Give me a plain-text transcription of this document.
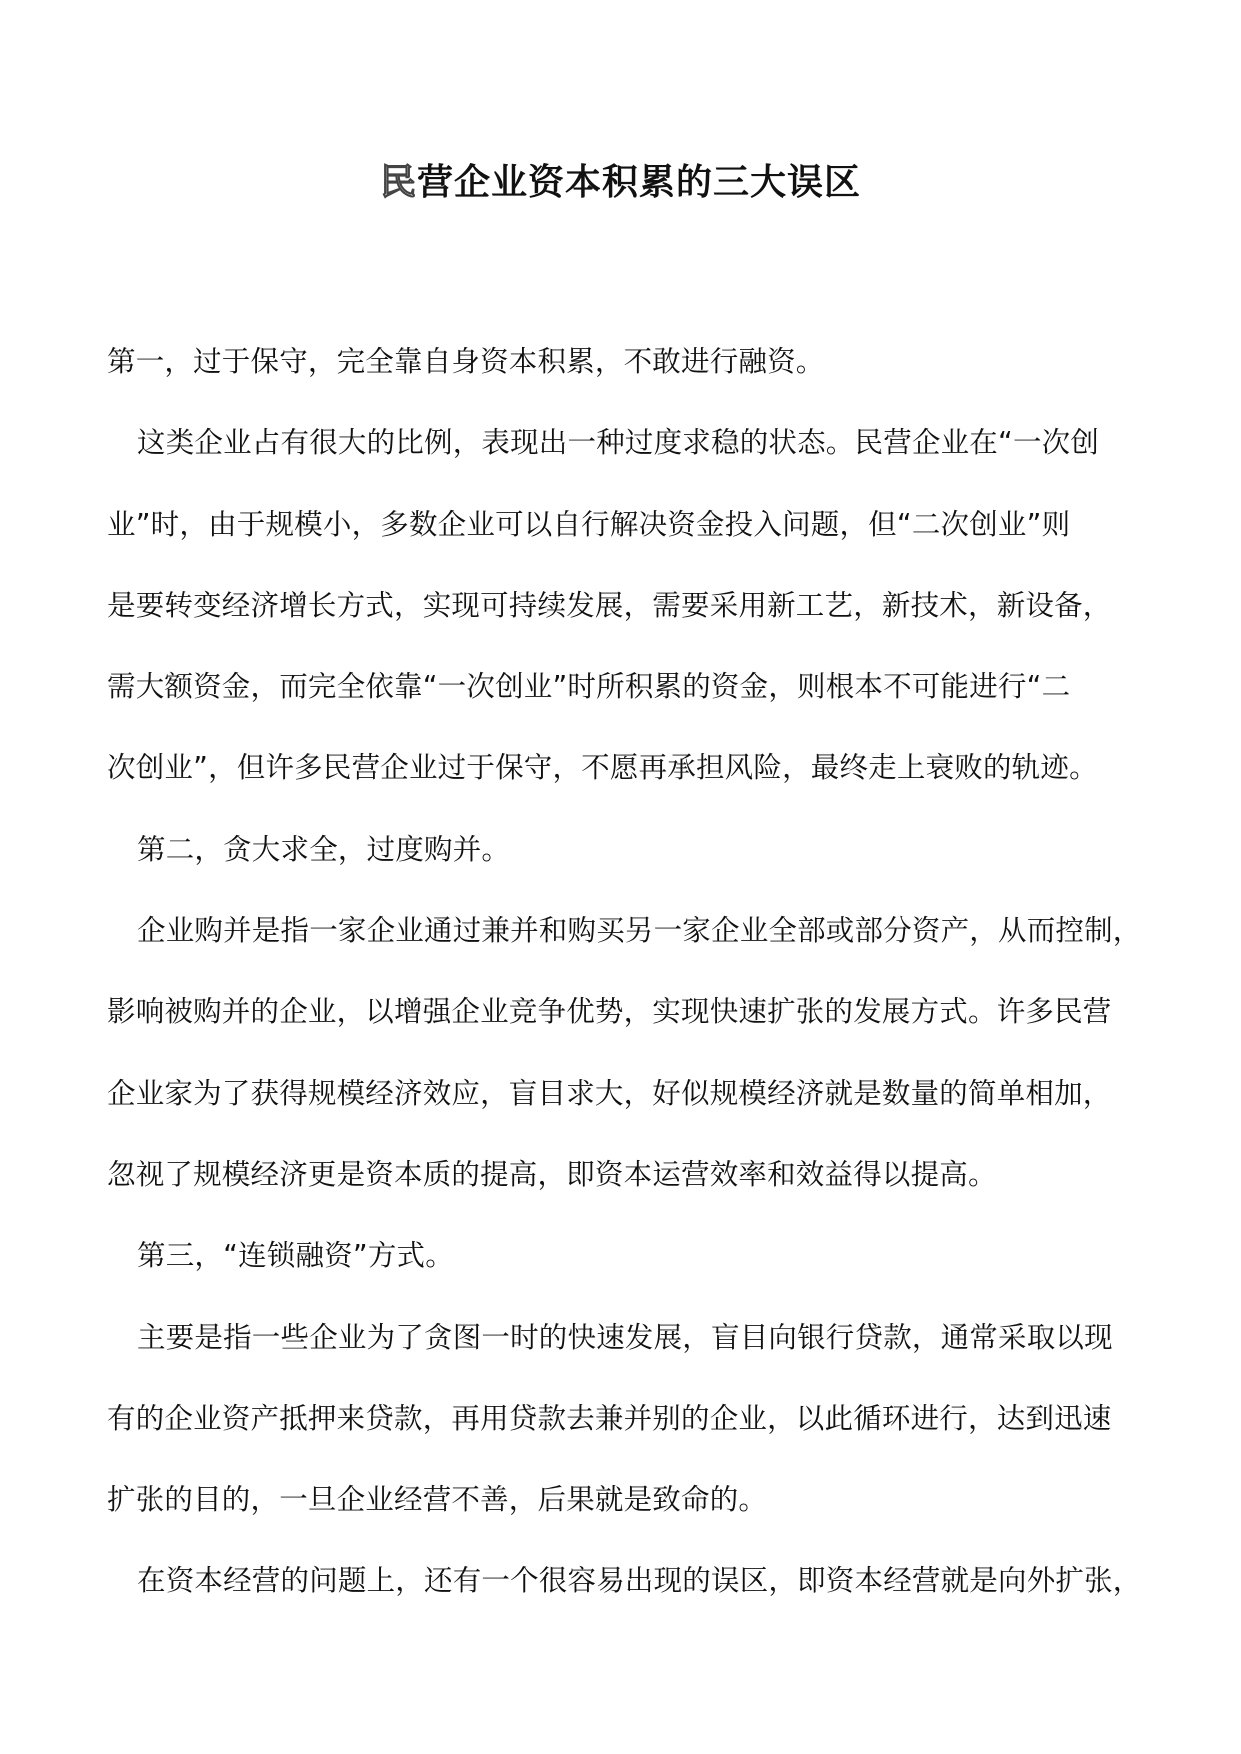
民营企业资本积累的三大误区
第一，过于保守，完全靠自身资本积累，不敢进行融资。
这类企业占有很大的比例，表现出一种过度求稳的状态。民营企业在“一次创
业”时，由于规模小，多数企业可以自行解决资金投入问题，但“二次创业”则
是要转变经济增长方式，实现可持续发展，需要采用新工艺，新技术，新设备，
需大额资金，而完全依靠“一次创业”时所积累的资金，则根本不可能进行“二
次创业”，但许多民营企业过于保守，不愿再承担风险，最终走上衰败的轨迹。
第二，贪大求全，过度购并。
企业购并是指一家企业通过兼并和购买另一家企业全部或部分资产，从而控制，
影响被购并的企业，以增强企业竞争优势，实现快速扩张的发展方式。许多民营
企业家为了获得规模经济效应，盲目求大，好似规模经济就是数量的简单相加，
忽视了规模经济更是资本质的提高，即资本运营效率和效益得以提高。
第三，“连锁融资”方式。
主要是指一些企业为了贪图一时的快速发展，盲目向银行贷款，通常采取以现
有的企业资产抵押来贷款，再用贷款去兼并别的企业，以此循环进行，达到迅速
扩张的目的，一旦企业经营不善，后果就是致命的。
在资本经营的问题上，还有一个很容易出现的误区，即资本经营就是向外扩张，
